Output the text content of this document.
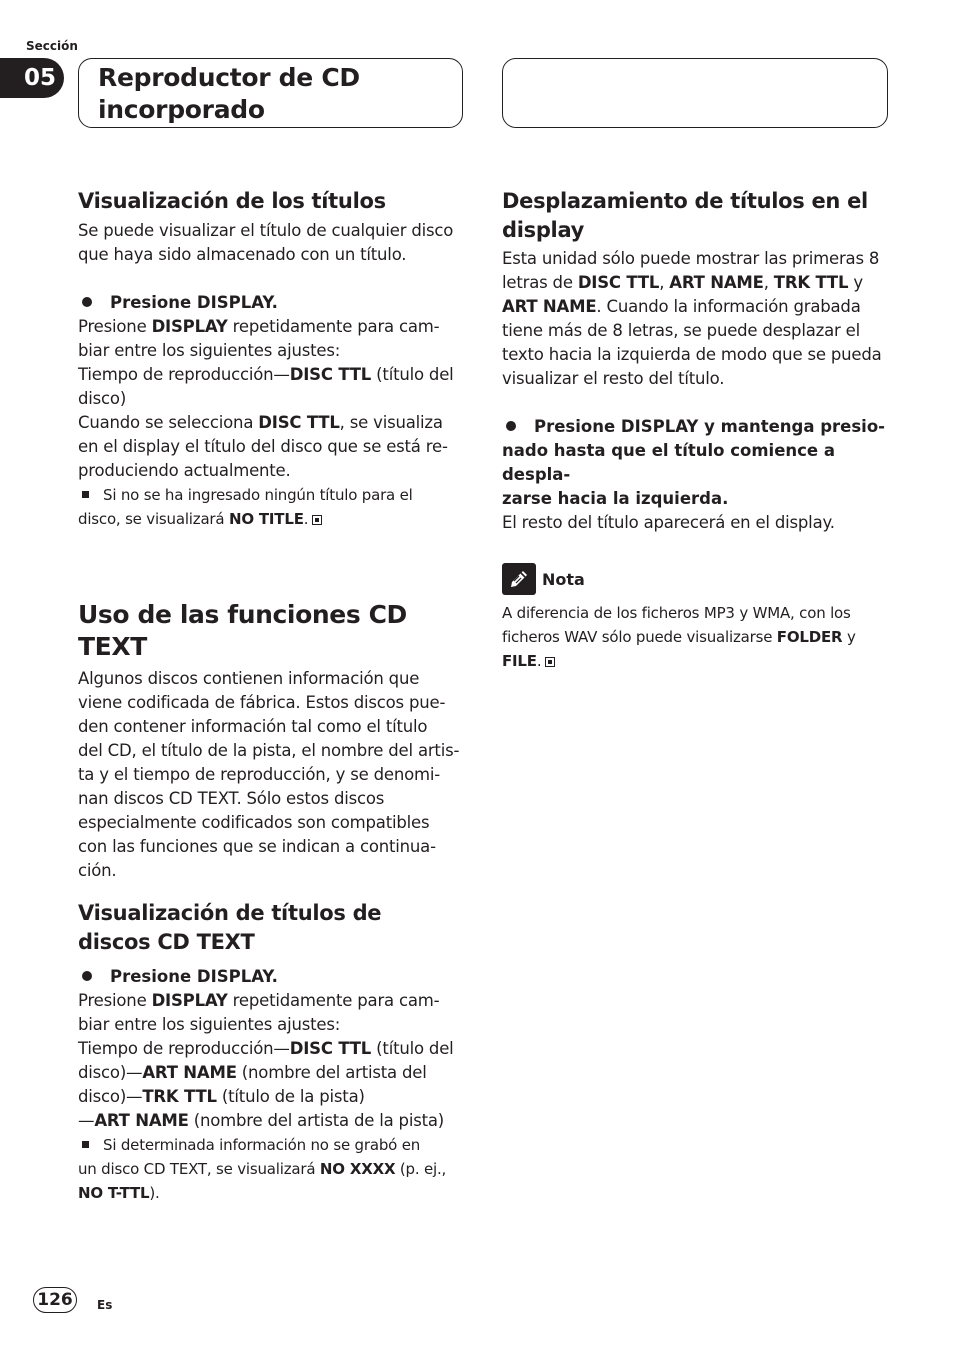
Sección
05	Reproductor de CD
incorporado
Visualización de los títulos

Se puede visualizar el título de cualquier disco
que haya sido almacenado con un título.

Presione DISPLAY.

Presione DISPLAY repetidamente para cam-
biar entre los siguientes ajustes:

Tiempo de reproducción—DISC TTL (título del
disco)

Cuando se selecciona DISC TTL, se visualiza
en el display el título del disco que se está re-
produciendo actualmente.

Si no se ha ingresado ningún título para el
disco, se visualizará NO TITLE.

Uso de las funciones CD TEXT

Algunos discos contienen información que
viene codificada de fábrica. Estos discos pue-
den contener información tal como el título
del CD, el título de la pista, el nombre del artis-
ta y el tiempo de reproducción, y se denomi-
nan discos CD TEXT. Sólo estos discos
especialmente codificados son compatibles
con las funciones que se indican a continua-
ción.

Visualización de títulos de
discos CD TEXT
Presione DISPLAY.

Presione DISPLAY repetidamente para cam-
biar entre los siguientes ajustes:

Tiempo de reproducción—DISC TTL (título del
disco)—ART NAME (nombre del artista del
disco)—TRK TTL (título de la pista)
—ART NAME (nombre del artista de la pista)

Si determinada información no se grabó en
un disco CD TEXT, se visualizará NO XXXX (p. ej.,
NO T-TTL).

Desplazamiento de títulos en el
display

Esta unidad sólo puede mostrar las primeras 8
letras de DISC TTL, ART NAME, TRK TTL y
ART NAME. Cuando la información grabada
tiene más de 8 letras, se puede desplazar el
texto hacia la izquierda de modo que se pueda
visualizar el resto del título.

Presione DISPLAY y mantenga presio-
nado hasta que el título comience a despla-
zarse hacia la izquierda.

El resto del título aparecerá en el display.

Nota

A diferencia de los ficheros MP3 y WMA, con los
ficheros WAV sólo puede visualizarse FOLDER y
FILE.

126	Es
